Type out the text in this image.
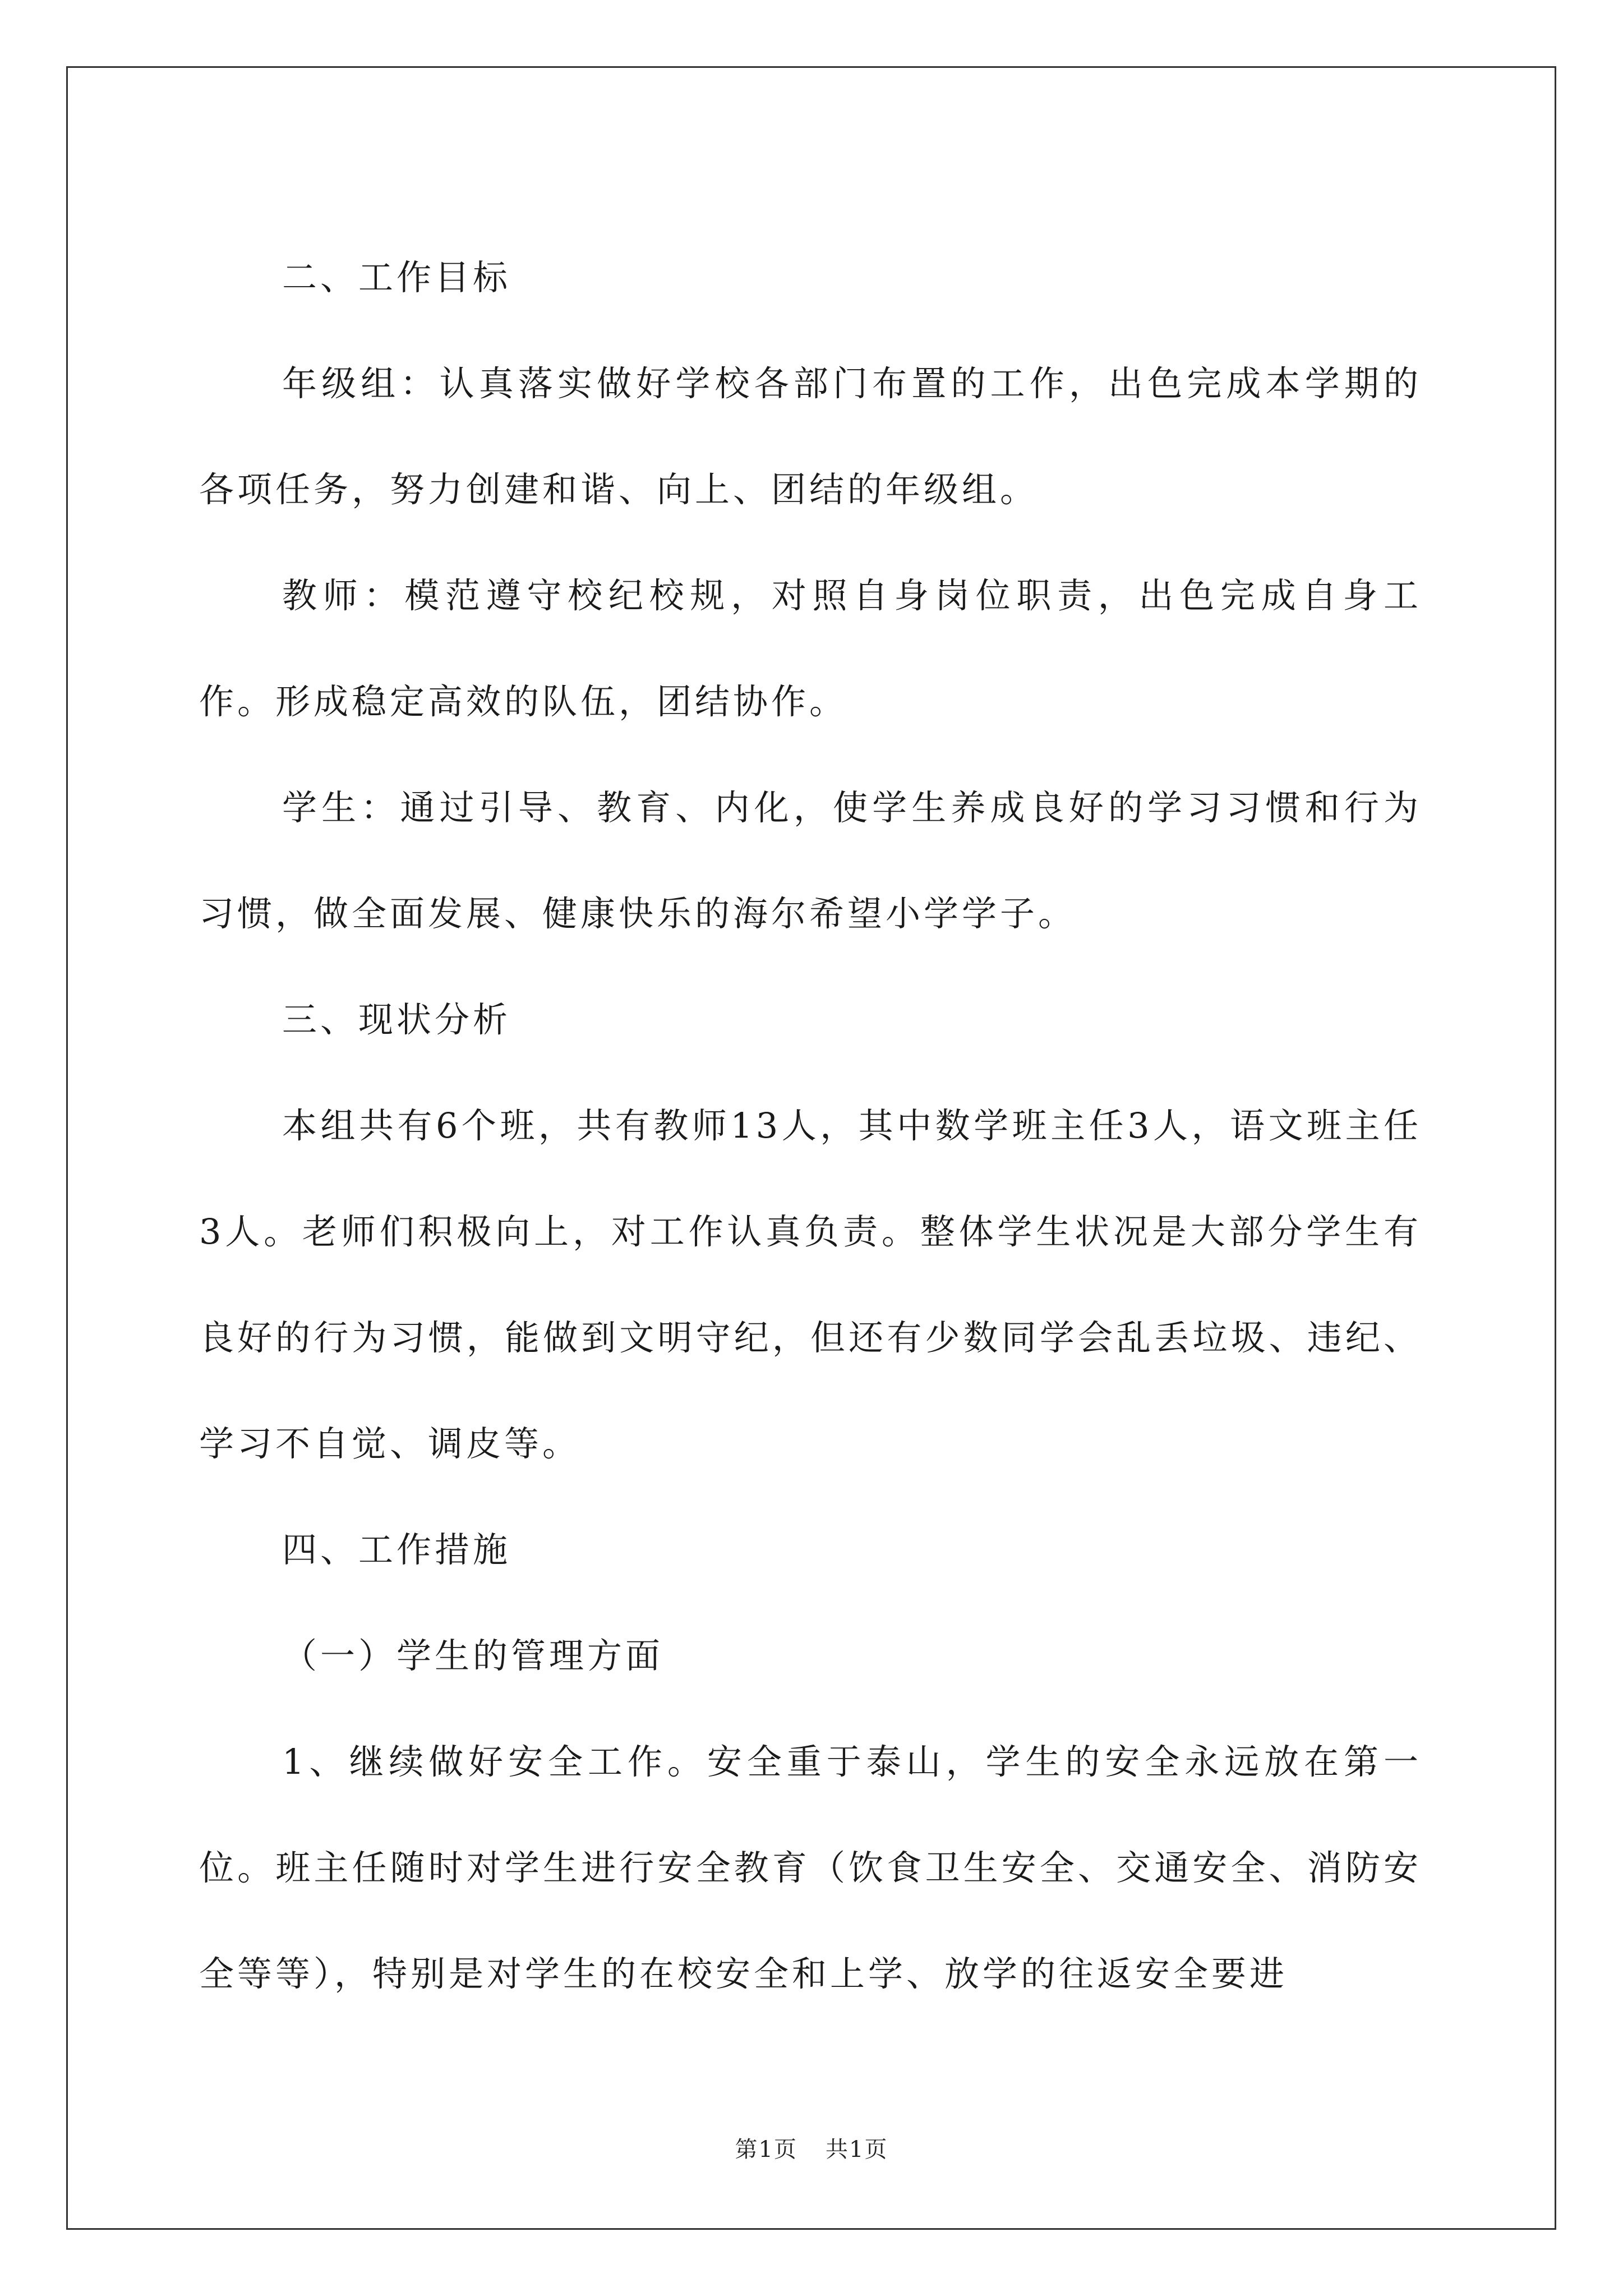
二、工作目标

年级组：认真落实做好学校各部门布置的工作，出色完成本学期的各项任务，努力创建和谐、向上、团结的年级组。

教师：模范遵守校纪校规，对照自身岗位职责，出色完成自身工作。形成稳定高效的队伍，团结协作。

学生：通过引导、教育、内化，使学生养成良好的学习习惯和行为习惯，做全面发展、健康快乐的海尔希望小学学子。

三、现状分析

本组共有6个班，共有教师13人，其中数学班主任3人，语文班主任3人。老师们积极向上，对工作认真负责。整体学生状况是大部分学生有良好的行为习惯，能做到文明守纪，但还有少数同学会乱丢垃圾、违纪、学习不自觉、调皮等。

四、工作措施

（一）学生的管理方面

1、继续做好安全工作。安全重于泰山，学生的安全永远放在第一位。班主任随时对学生进行安全教育（饮食卫生安全、交通安全、消防安全等等），特别是对学生的在校安全和上学、放学的往返安全要进

第1页 共1页
